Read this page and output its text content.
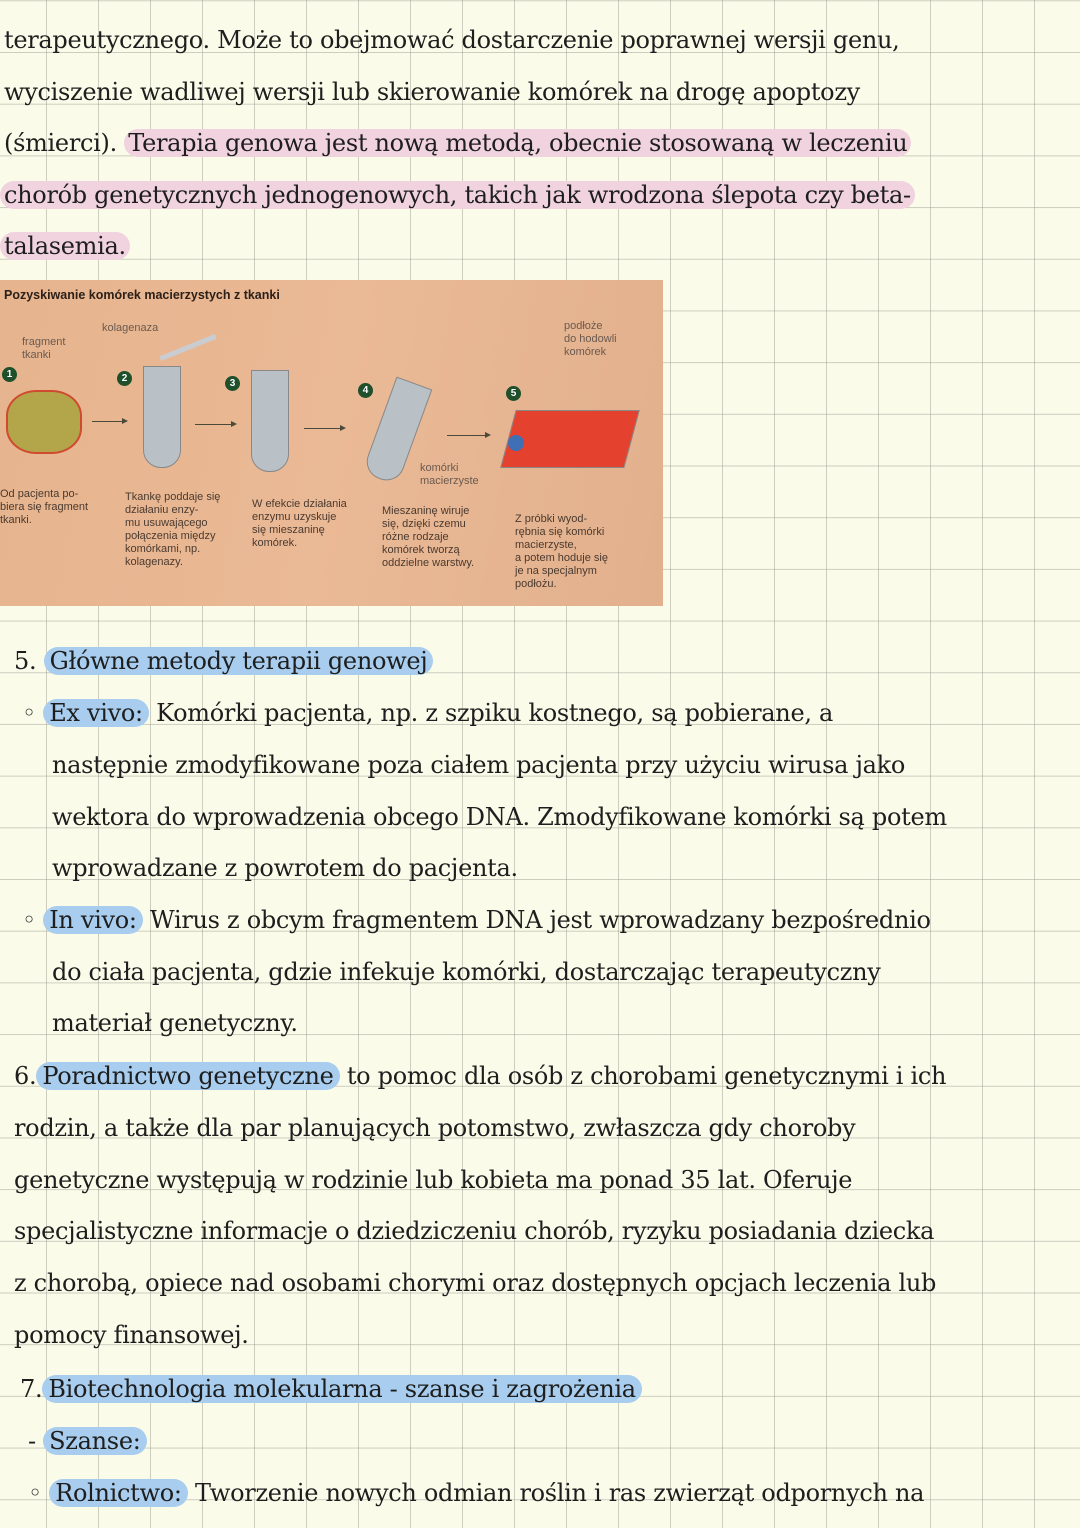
terapeutycznego. Może to obejmować dostarczenie poprawnej wersji genu,
wyciszenie wadliwej wersji lub skierowanie komórek na drogę apoptozy
(śmierci). Terapia genowa jest nową metodą, obecnie stosowaną w leczeniu
chorób genetycznych jednogenowych, takich jak wrodzona ślepota czy beta-
talasemia.
Pozyskiwanie komórek macierzystych z tkanki
fragment
tkanki
kolagenaza
komórki
macierzyste
podłoże
do hodowli
komórek
1	2	3
4	5
Od pacjenta po-
biera się fragment
tkanki.
Tkankę poddaje się
działaniu enzy-
mu usuwającego
połączenia między
komórkami, np.
kolagenazy.
W efekcie działania
enzymu uzyskuje
się mieszaninę
komórek.
Mieszaninę wiruje
się, dzięki czemu
różne rodzaje
komórek tworzą
oddzielne warstwy.
Z próbki wyod-
rębnia się komórki
macierzyste,
a potem hoduje się
je na specjalnym
podłożu.
5. Główne metody terapii genowej
◦ Ex vivo: Komórki pacjenta, np. z szpiku kostnego, są pobierane, a
następnie zmodyfikowane poza ciałem pacjenta przy użyciu wirusa jako
wektora do wprowadzenia obcego DNA. Zmodyfikowane komórki są potem
wprowadzane z powrotem do pacjenta.
◦ In vivo: Wirus z obcym fragmentem DNA jest wprowadzany bezpośrednio
do ciała pacjenta, gdzie infekuje komórki, dostarczając terapeutyczny
materiał genetyczny.
6. Poradnictwo genetyczne to pomoc dla osób z chorobami genetycznymi i ich
rodzin, a także dla par planujących potomstwo, zwłaszcza gdy choroby
genetyczne występują w rodzinie lub kobieta ma ponad 35 lat. Oferuje
specjalistyczne informacje o dziedziczeniu chorób, ryzyku posiadania dziecka
z chorobą, opiece nad osobami chorymi oraz dostępnych opcjach leczenia lub
pomocy finansowej.
7. Biotechnologia molekularna - szanse i zagrożenia
- Szanse:
◦ Rolnictwo: Tworzenie nowych odmian roślin i ras zwierząt odpornych na
